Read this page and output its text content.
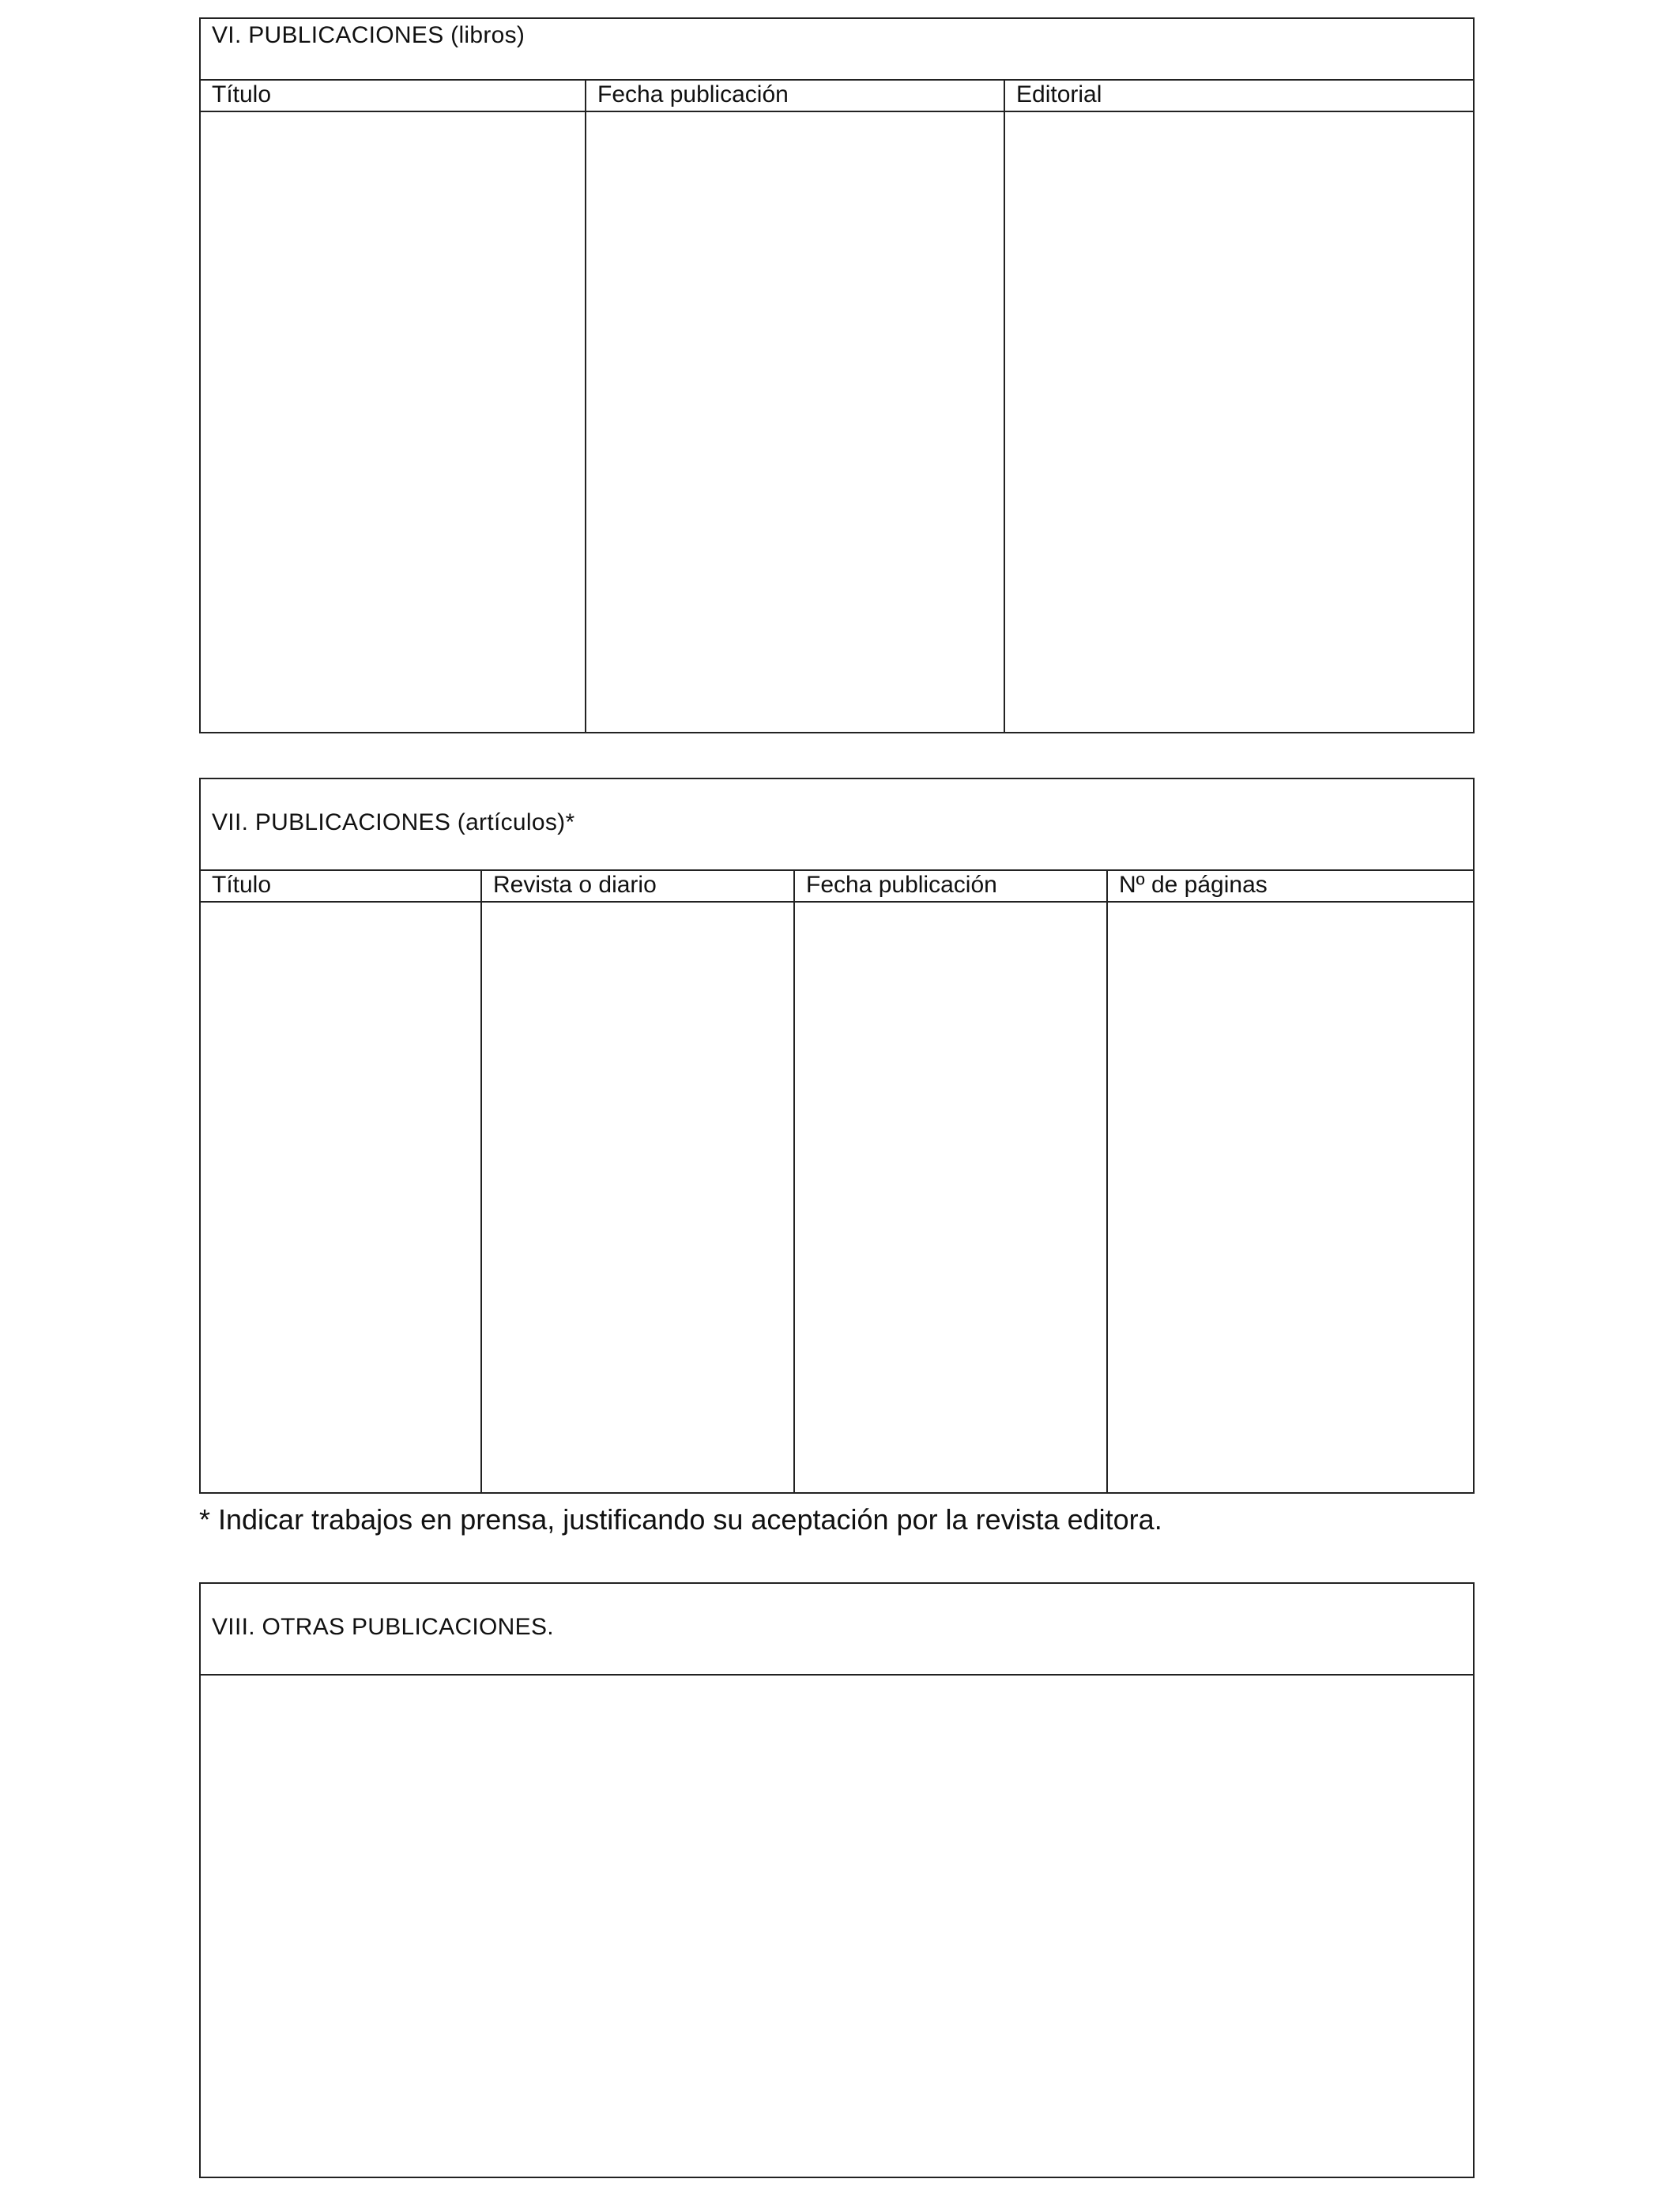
VI. PUBLICACIONES (libros)
Título	Fecha publicación	Editorial
VII. PUBLICACIONES (artículos)*
Título	Revista o diario	Fecha publicación	Nº de páginas
* Indicar trabajos en prensa, justificando su aceptación por la revista editora.
VIII. OTRAS PUBLICACIONES.
